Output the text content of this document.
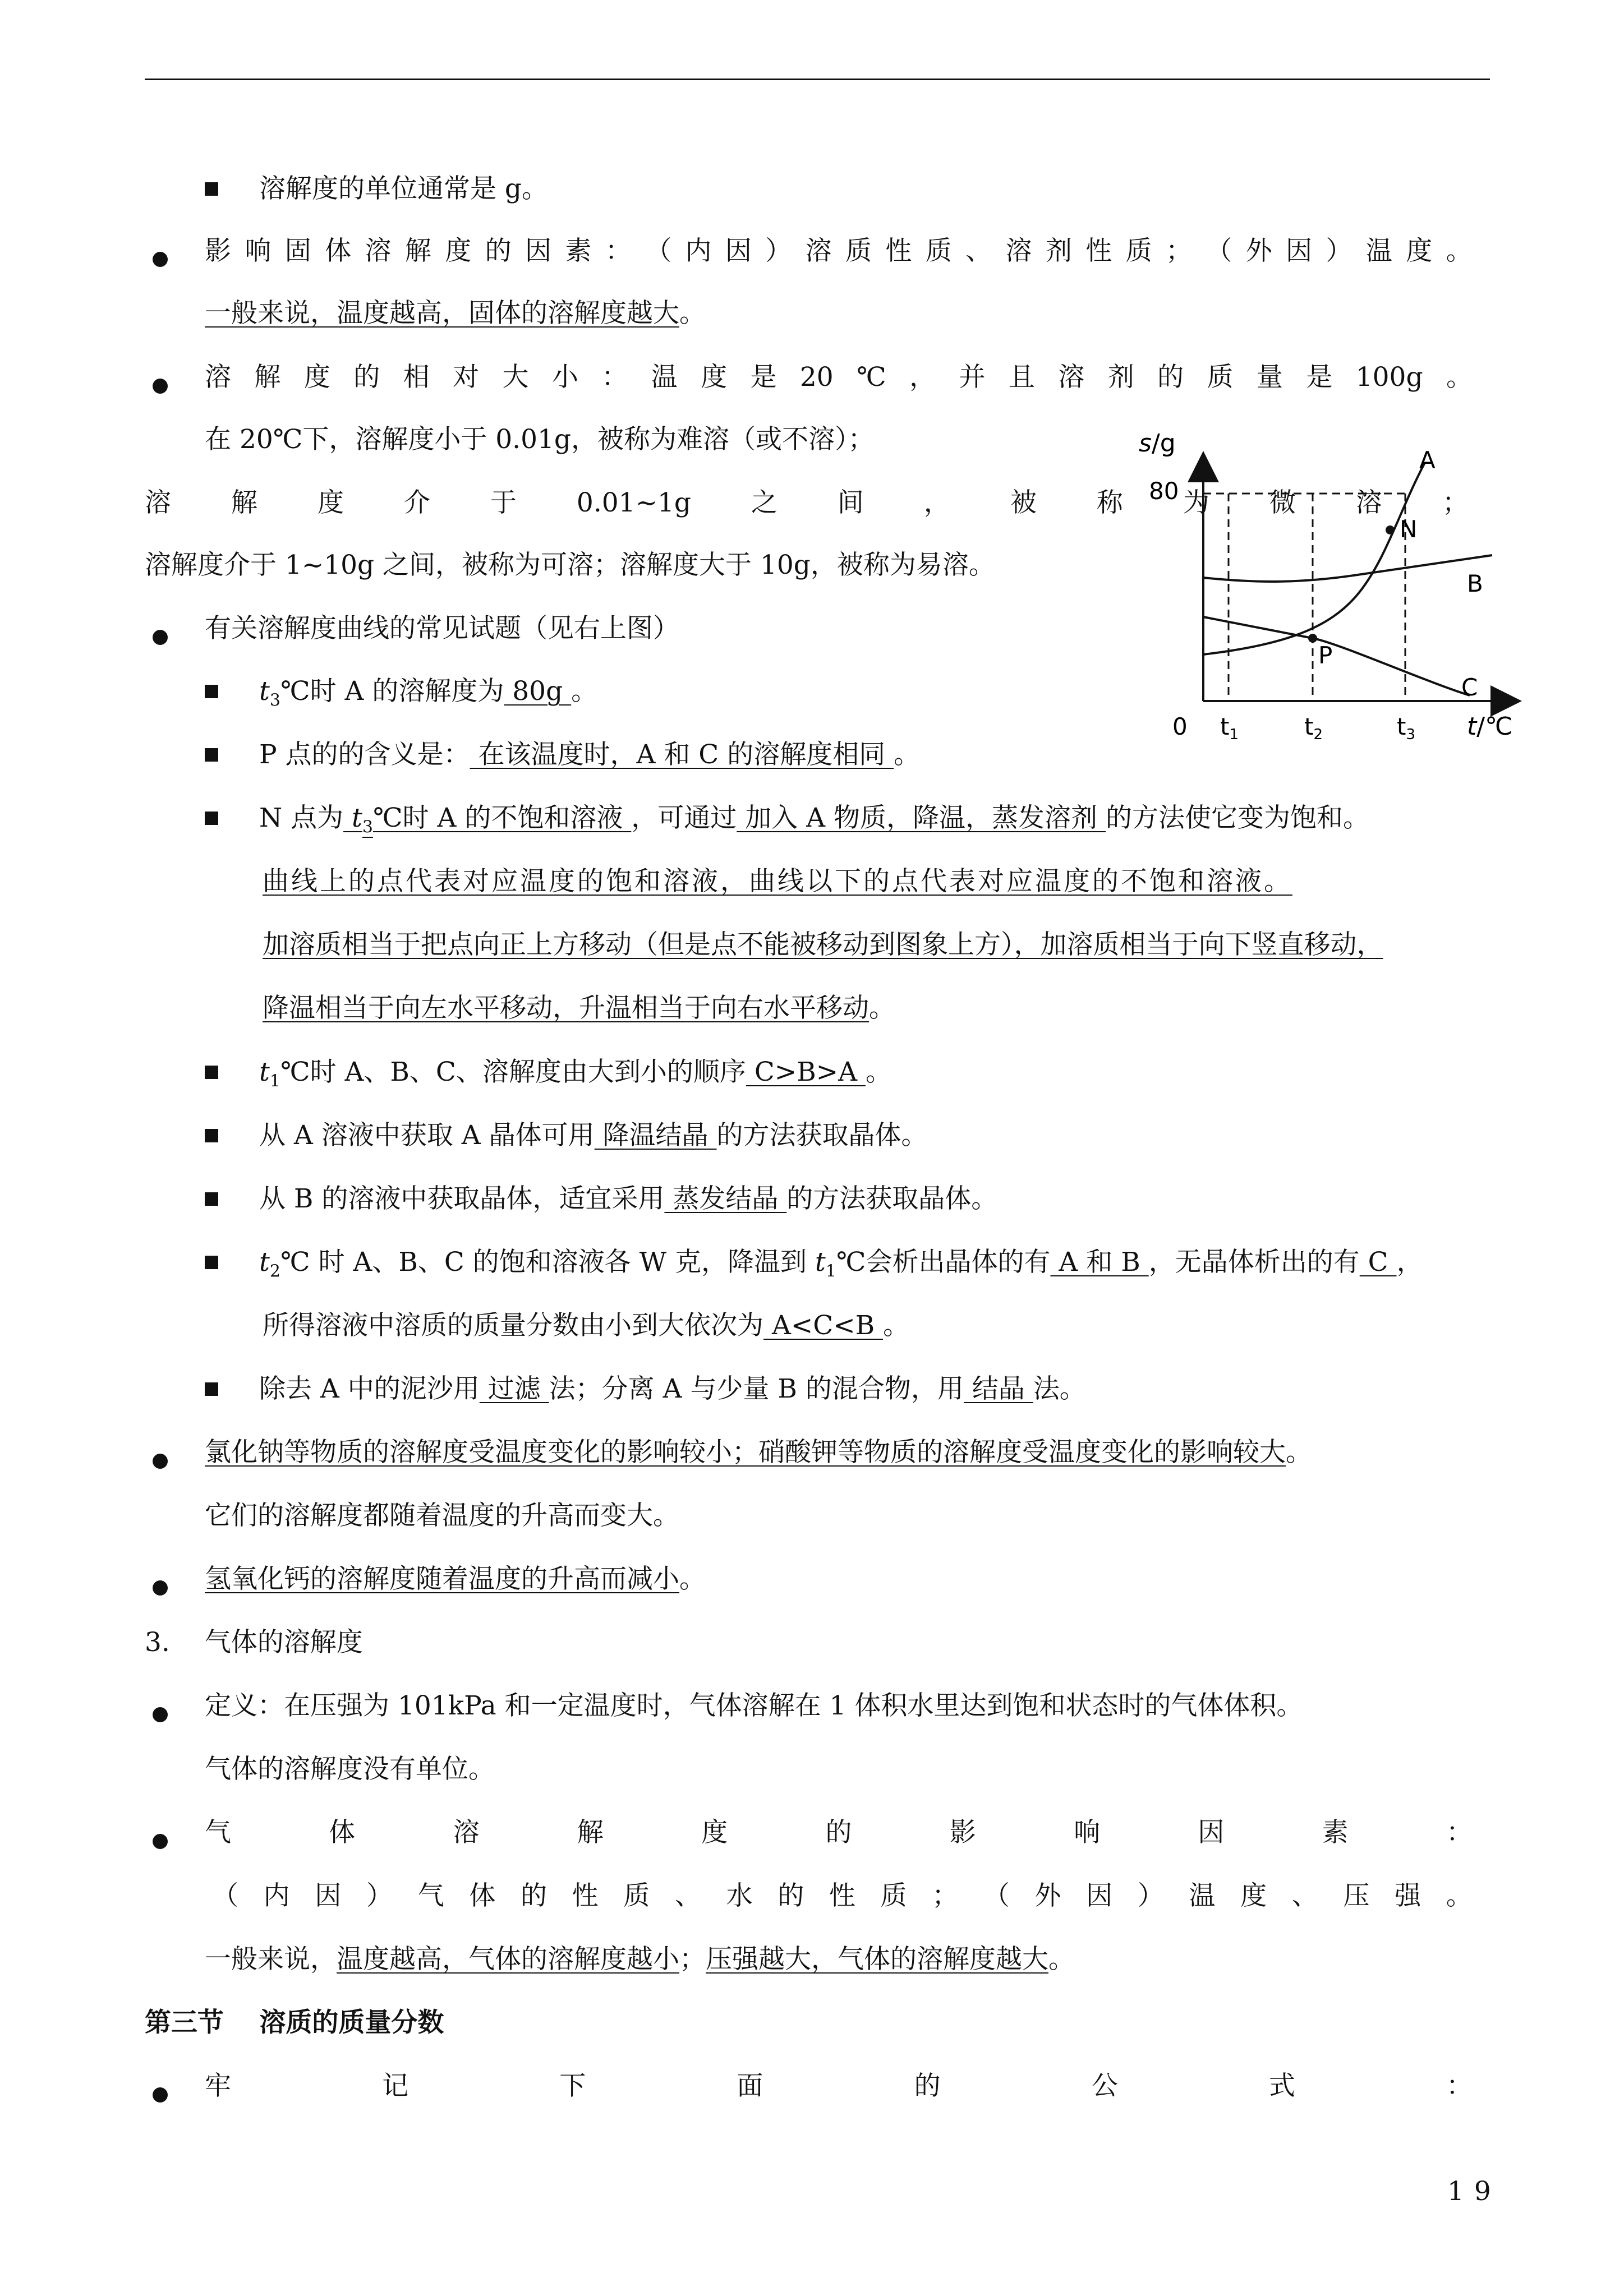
溶解度的单位通常是 g。
影 响 固 体 溶 解 度 的 因 素 ： （ 内 因 ） 溶 质 性 质 、 溶 剂 性 质 ； （ 外 因 ） 温 度 。
一般来说，温度越高，固体的溶解度越大。
溶 解 度 的 相 对 大 小 ： 温 度 是 20 ℃ ， 并 且 溶 剂 的 质 量 是 100g 。
在 20℃下，溶解度小于 0.01g，被称为难溶（或不溶）；
溶 解 度 介 于 0.01~1g 之 间 ， 被 称 为 微 溶 ；
溶解度介于 1~10g 之间，被称为可溶；溶解度大于 10g，被称为易溶。
有关溶解度曲线的常见试题（见右上图）
$t_3℃$时 A 的溶解度为 80g 。
P 点的的含义是： 在该温度时，A 和 C 的溶解度相同 。
N 点为 $t_3℃$时 A 的不饱和溶液 ，可通过 加入 A 物质，降温，蒸发溶剂 的方法使它变为饱和。
曲线上的点代表对应温度的饱和溶液，曲线以下的点代表对应温度的不饱和溶液。
加溶质相当于把点向正上方移动（但是点不能被移动到图象上方），加溶质相当于向下竖直移动，
降温相当于向左水平移动，升温相当于向右水平移动。
$t_1℃$时 A、B、C、溶解度由大到小的顺序 C>B>A 。
从 A 溶液中获取 A 晶体可用 降温结晶 的方法获取晶体。
从 B 的溶液中获取晶体，适宜采用 蒸发结晶 的方法获取晶体。
$t_2℃$ 时 A、B、C 的饱和溶液各 W 克，降温到 $t_1℃$会析出晶体的有 A 和 B ，无晶体析出的有 C ，
所得溶液中溶质的质量分数由小到大依次为 A<C<B 。
除去 A 中的泥沙用 过滤 法；分离 A 与少量 B 的混合物，用 结晶 法。
氯化钠等物质的溶解度受温度变化的影响较小；硝酸钾等物质的溶解度受温度变化的影响较大。
它们的溶解度都随着温度的升高而变大。
氢氧化钙的溶解度随着温度的升高而减小。
3.　 气体的溶解度
定义：在压强为 101kPa 和一定温度时，气体溶解在 1 体积水里达到饱和状态时的气体体积。
气体的溶解度没有单位。
气	体	溶	解	度	的	影	响	因	素	：
（ 内 因 ） 气 体 的 性 质 、 水 的 性 质 ； （ 外 因 ） 温 度 、 压 强 。
一般来说，温度越高，气体的溶解度越小；压强越大，气体的溶解度越大。
第三节　 溶质的质量分数
牢	记	下	面	的	公	式	：
19
s/g
80
0 t1	t2	t3 t/℃
A
B
C
N
P
